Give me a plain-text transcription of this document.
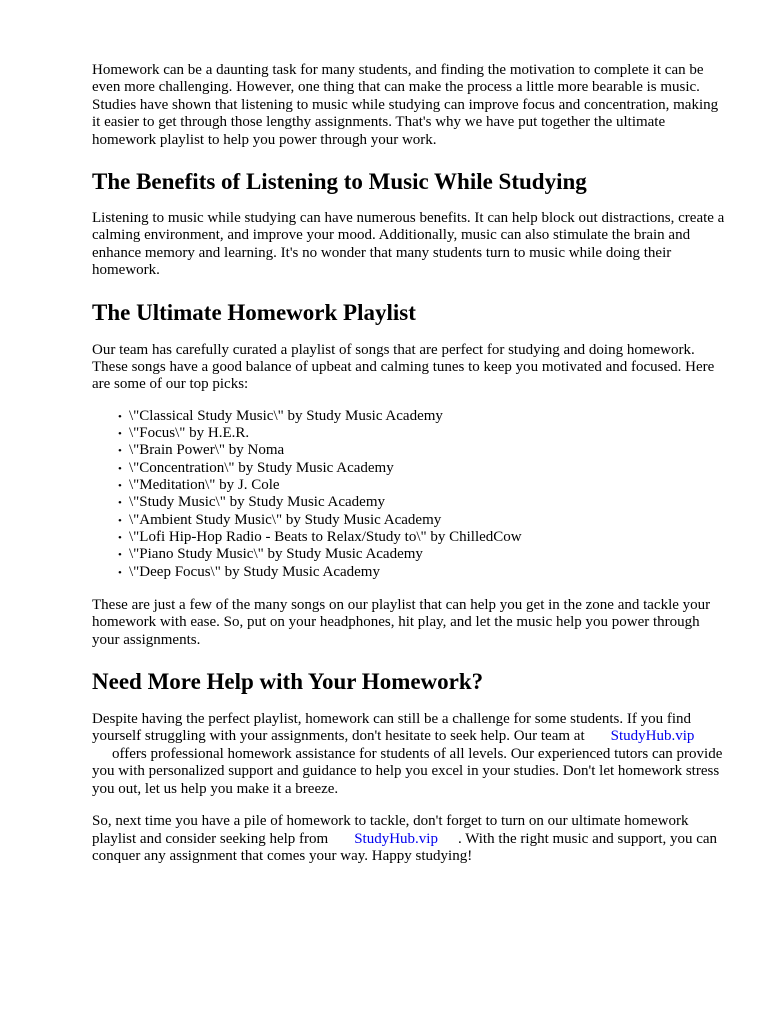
Homework can be a daunting task for many students, and finding the motivation to complete it can be even more challenging. However, one thing that can make the process a little more bearable is music. Studies have shown that listening to music while studying can improve focus and concentration, making it easier to get through those lengthy assignments. That's why we have put together the ultimate homework playlist to help you power through your work.

The Benefits of Listening to Music While Studying

Listening to music while studying can have numerous benefits. It can help block out distractions, create a calming environment, and improve your mood. Additionally, music can also stimulate the brain and enhance memory and learning. It's no wonder that many students turn to music while doing their homework.

The Ultimate Homework Playlist

Our team has carefully curated a playlist of songs that are perfect for studying and doing homework. These songs have a good balance of upbeat and calming tunes to keep you motivated and focused. Here are some of our top picks:

• \"Classical Study Music\" by Study Music Academy
• \"Focus\" by H.E.R.
• \"Brain Power\" by Noma
• \"Concentration\" by Study Music Academy
• \"Meditation\" by J. Cole
• \"Study Music\" by Study Music Academy
• \"Ambient Study Music\" by Study Music Academy
• \"Lofi Hip-Hop Radio - Beats to Relax/Study to\" by ChilledCow
• \"Piano Study Music\" by Study Music Academy
• \"Deep Focus\" by Study Music Academy

These are just a few of the many songs on our playlist that can help you get in the zone and tackle your homework with ease. So, put on your headphones, hit play, and let the music help you power through your assignments.

Need More Help with Your Homework?

Despite having the perfect playlist, homework can still be a challenge for some students. If you find yourself struggling with your assignments, don't hesitate to seek help. Our team at StudyHub.vip
offers professional homework assistance for students of all levels. Our experienced tutors can provide you with personalized support and guidance to help you excel in your studies. Don't let homework stress you out, let us help you make it a breeze.

So, next time you have a pile of homework to tackle, don't forget to turn on our ultimate homework playlist and consider seeking help from StudyHub.vip . With the right music and support, you can conquer any assignment that comes your way. Happy studying!
